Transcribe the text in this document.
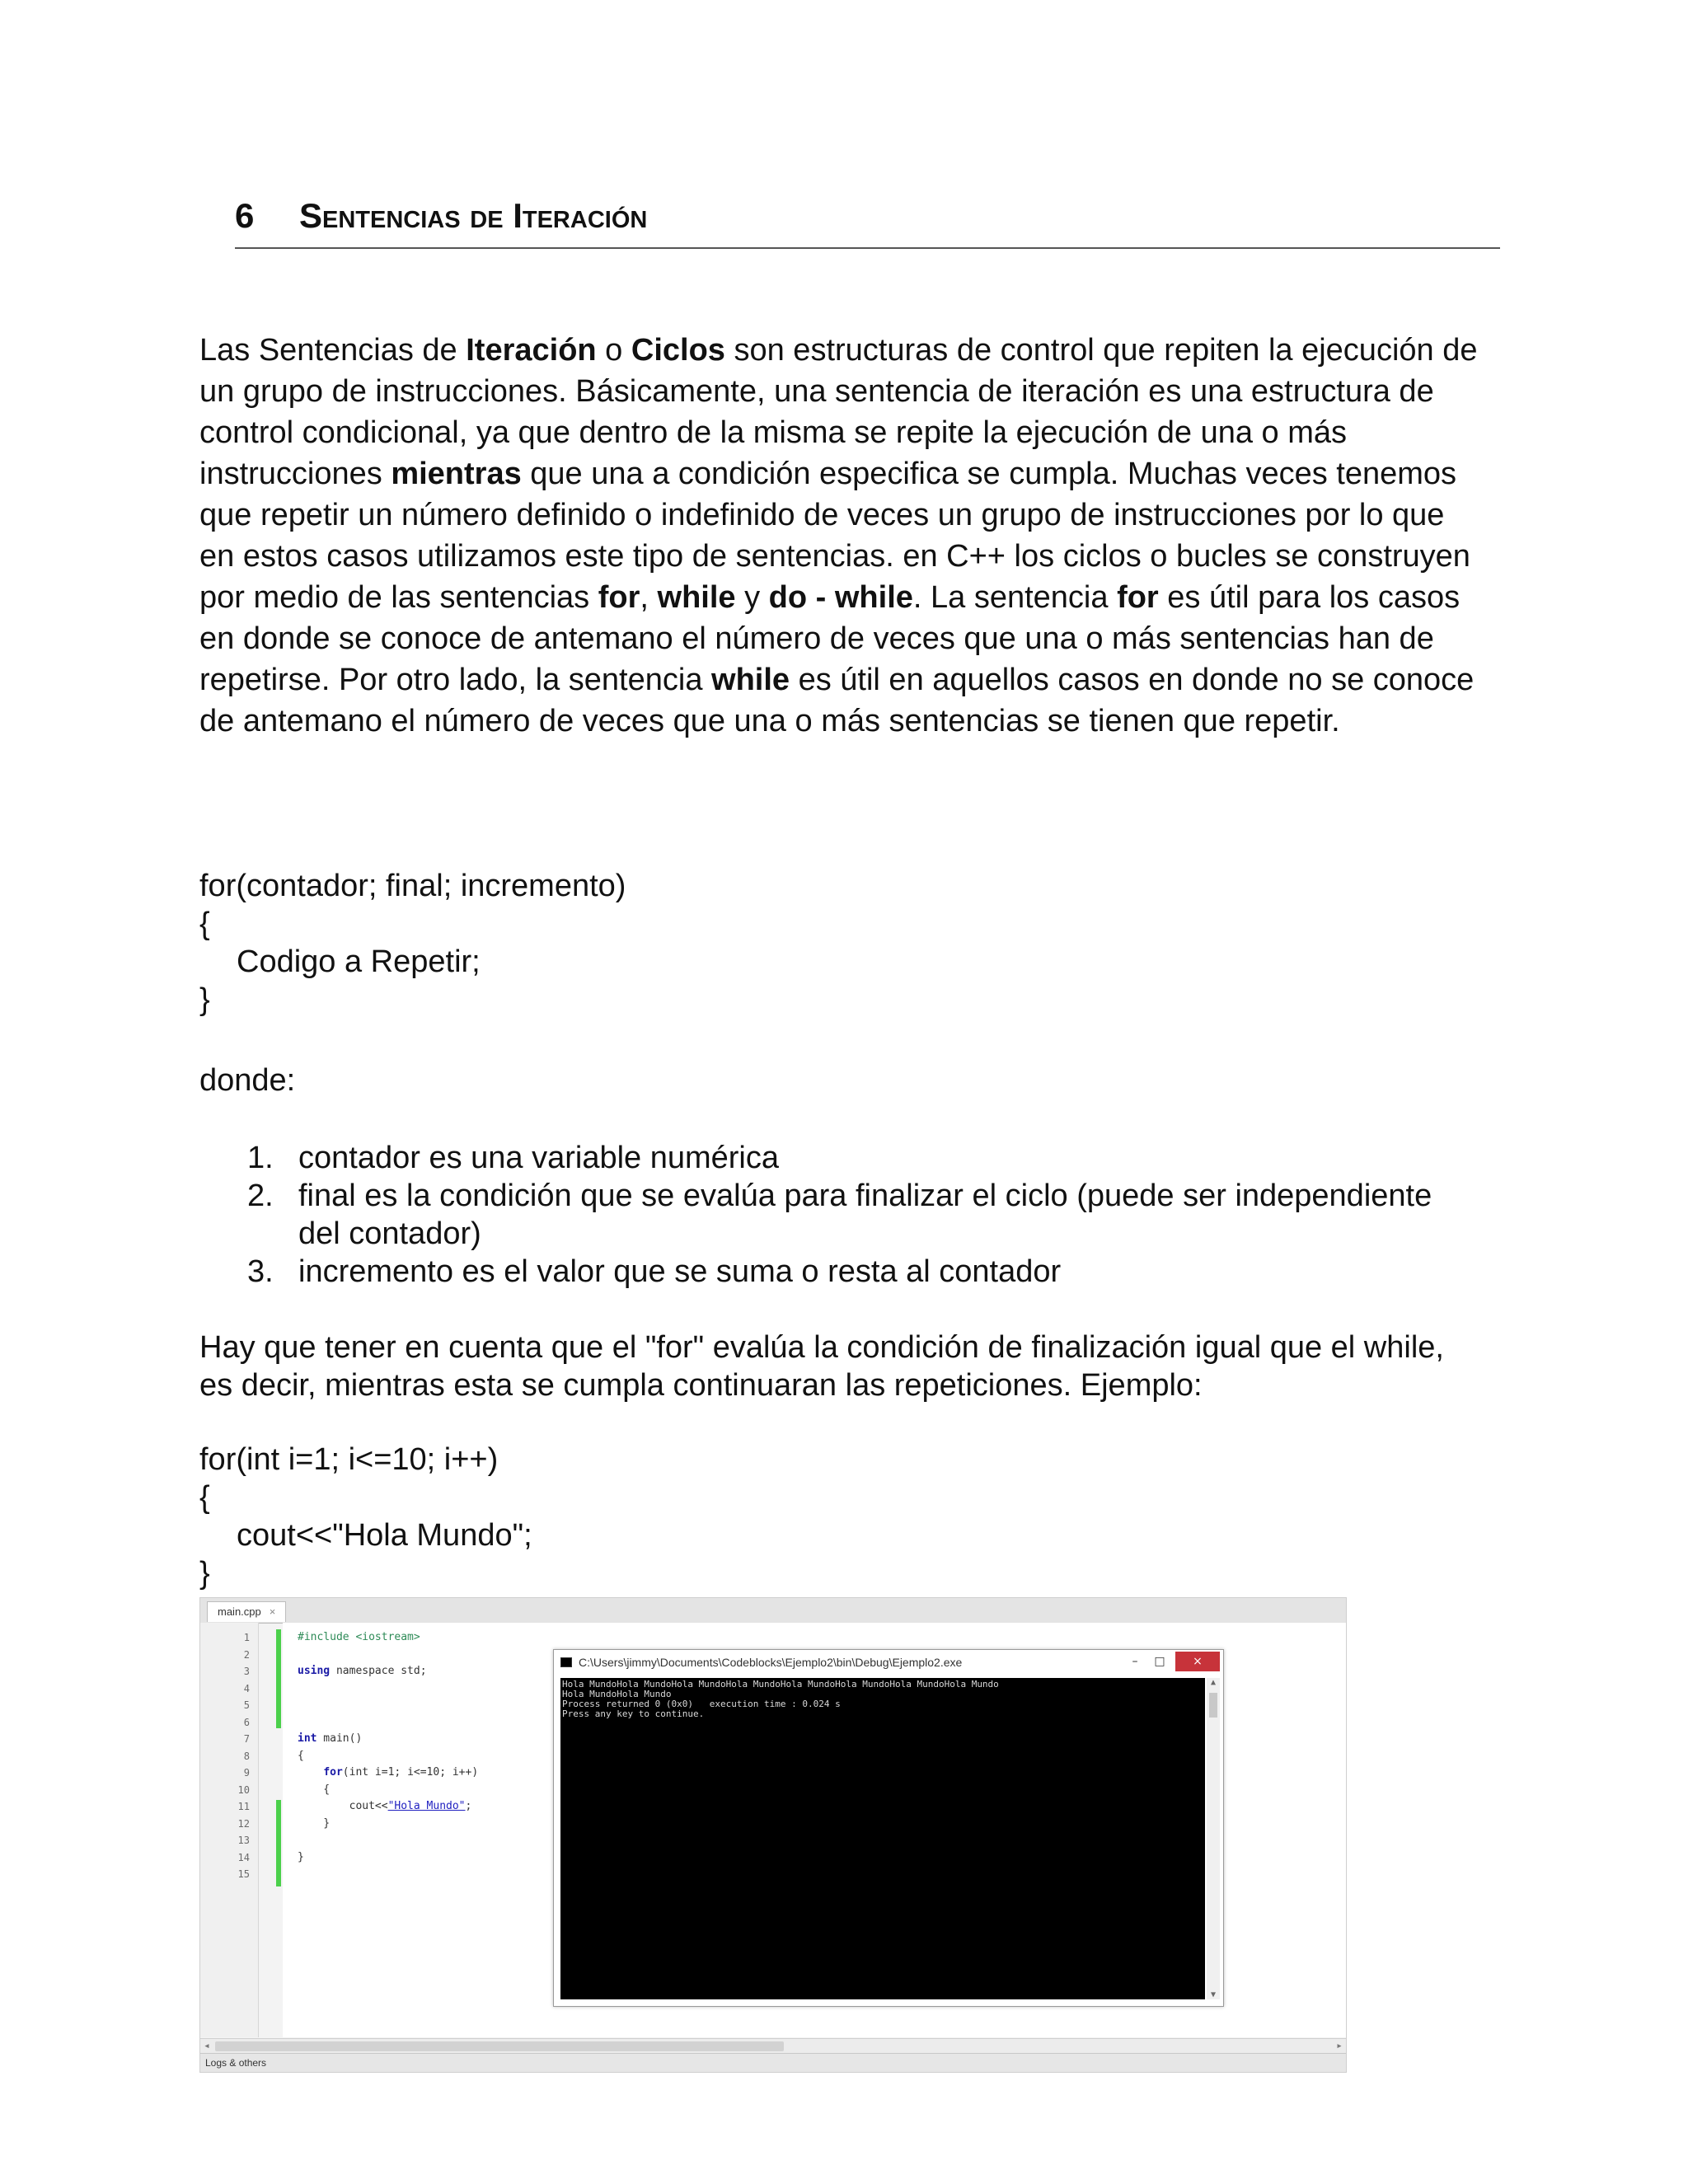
6 Sentencias de Iteración

Las Sentencias de Iteración o Ciclos son estructuras de control que repiten la ejecución de un grupo de instrucciones. Básicamente, una sentencia de iteración es una estructura de control condicional, ya que dentro de la misma se repite la ejecución de una o más instrucciones mientras que una a condición especifica se cumpla. Muchas veces tenemos que repetir un número definido o indefinido de veces un grupo de instrucciones por lo que en estos casos utilizamos este tipo de sentencias. en C++ los ciclos o bucles se construyen por medio de las sentencias for, while y do - while. La sentencia for es útil para los casos en donde se conoce de antemano el número de veces que una o más sentencias han de repetirse. Por otro lado, la sentencia while es útil en aquellos casos en donde no se conoce de antemano el número de veces que una o más sentencias se tienen que repetir.

for(contador; final; incremento)
{
Codigo a Repetir;
}

donde:

1. contador es una variable numérica
2. final es la condición que se evalúa para finalizar el ciclo (puede ser independiente del contador)
3. incremento es el valor que se suma o resta al contador

Hay que tener en cuenta que el "for" evalúa la condición de finalización igual que el while, es decir, mientras esta se cumpla continuaran las repeticiones. Ejemplo:

for(int i=1; i<=10; i++)
{
cout<<"Hola Mundo";
}
main.cpp ×
1
2
3
4
5
6
7
8
9
10
11
12
13
14
15
#include <iostream>

using namespace std;

int main()
{
for(int i=1; i<=10; i++)
{
cout<<"Hola Mundo";
}

}

C:\Users\jimmy\Documents\Codeblocks\Ejemplo2\bin\Debug\Ejemplo2.exe	–	□	×
Hola MundoHola MundoHola MundoHola MundoHola MundoHola MundoHola MundoHola Mundo
Hola MundoHola Mundo
Process returned 0 (0x0)   execution time : 0.024 s
Press any key to continue.
▲
▼
◂	▸
Logs & others
